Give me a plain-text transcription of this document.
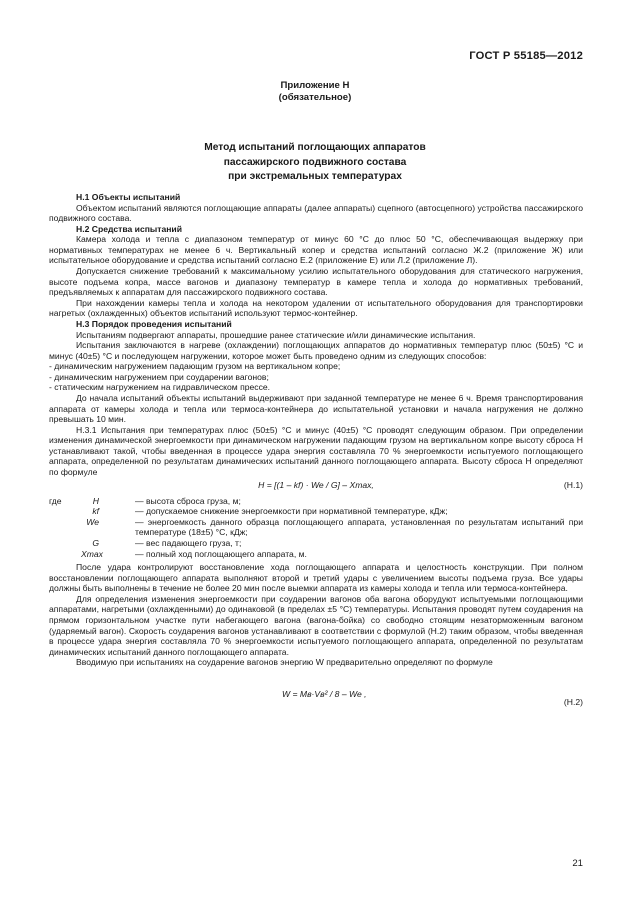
ГОСТ Р 55185—2012
Приложение Н
(обязательное)
Метод испытаний поглощающих аппаратов
пассажирского подвижного состава
при экстремальных температурах

Н.1 Объекты испытаний

Объектом испытаний являются поглощающие аппараты (далее аппараты) сцепного (автосцепного) устройства пассажирского подвижного состава.

Н.2 Средства испытаний

Камера холода и тепла с диапазоном температур от минус 60 °С до плюс 50 °С, обеспечивающая выдержку при нормативных температурах не менее 6 ч. Вертикальный копер и средства испытаний согласно Ж.2 (приложение Ж) или испытательное оборудование и средства испытаний согласно Е.2 (приложение Е) или Л.2 (приложение Л).

Допускается снижение требований к максимальному усилию испытательного оборудования для статического нагружения, высоте подъема копра, массе вагонов и диапазону температур в камере тепла и холода до нормативных требований, предъявляемых к аппаратам для пассажирского подвижного состава.

При нахождении камеры тепла и холода на некотором удалении от испытательного оборудования для транспортировки нагретых (охлажденных) объектов испытаний используют термос-контейнер.

Н.3 Порядок проведения испытаний

Испытаниям подвергают аппараты, прошедшие ранее статические и/или динамические испытания.

Испытания заключаются в нагреве (охлаждении) поглощающих аппаратов до нормативных температур плюс (50±5) °С и минус (40±5) °С и последующем нагружении, которое может быть проведено одним из следующих способов:

- динамическим нагружением падающим грузом на вертикальном копре;

- динамическим нагружением при соударении вагонов;

- статическим нагружением на гидравлическом прессе.

До начала испытаний объекты испытаний выдерживают при заданной температуре не менее 6 ч. Время транспортирования аппарата от камеры холода и тепла или термоса-контейнера до испытательной установки и начала нагружения не должно превышать 10 мин.

Н.3.1 Испытания при температурах плюс (50±5) °С и минус (40±5) °С проводят следующим образом. При определении изменения динамической энергоемкости при динамическом нагружении падающим грузом на вертикальном копре высоту сброса Н устанавливают такой, чтобы введенная в процессе удара энергия составляла 70 % энергоемкости испытуемого поглощающего аппарата, определенной по результатам динамических испытаний данного поглощающего аппарата. Высоту сброса Н определяют по формуле

H = [(1 – kf) · We / G] – Xmax,	(Н.1)
где	H	— высота сброса груза, м;
kf	— допускаемое снижение энергоемкости при нормативной температуре, кДж;
We	— энергоемкость данного образца поглощающего аппарата, установленная по результатам испытаний при температуре (18±5) °С, кДж;
G	— вес падающего груза, т;
Xmax	— полный ход поглощающего аппарата, м.

После удара контролируют восстановление хода поглощающего аппарата и целостность конструкции. При полном восстановлении поглощающего аппарата выполняют второй и третий удары с увеличением высоты подъема груза. Все удары должны быть выполнены в течение не более 20 мин после выемки аппарата из камеры холода и тепла или термоса-контейнера.

Для определения изменения энергоемкости при соударении вагонов оба вагона оборудуют испытуемыми поглощающими аппаратами, нагретыми (охлажденными) до одинаковой (в пределах ±5 °С) температуры. Испытания проводят путем соударения на прямом горизонтальном участке пути набегающего вагона (вагона-бойка) со свободно стоящим незаторможенным вагоном (ударяемый вагон). Скорость соударения вагонов устанавливают в соответствии с формулой (Н.2) таким образом, чтобы введенная в процессе удара энергия составляла 70 % энергоемкости испытуемого поглощающего аппарата, определенной по результатам динамических испытаний данного поглощающего аппарата.

Вводимую при испытаниях на соударение вагонов энергию W предварительно определяют по формуле

W = Mв·Vв² / 8 – We ,
(Н.2)
21
